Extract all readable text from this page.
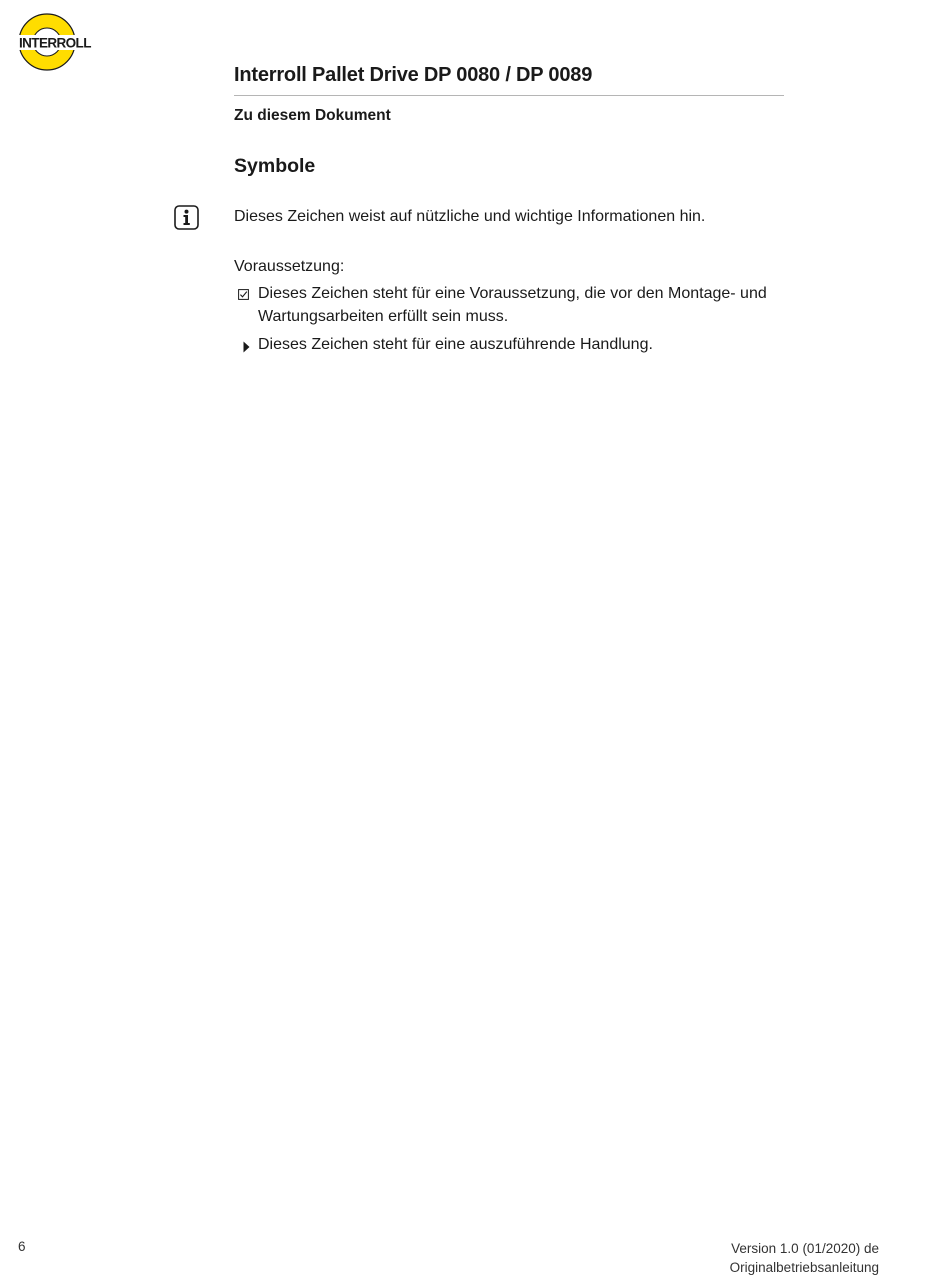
INTERROLL
Interroll Pallet Drive DP 0080 / DP 0089
Zu diesem Dokument
Symbole
Dieses Zeichen weist auf nützliche und wichtige Informationen hin.
Voraussetzung:
Dieses Zeichen steht für eine Voraussetzung, die vor den Montage- und Wartungsarbeiten erfüllt sein muss.
Dieses Zeichen steht für eine auszuführende Handlung.
6	Version 1.0 (01/2020) de
Originalbetriebsanleitung
